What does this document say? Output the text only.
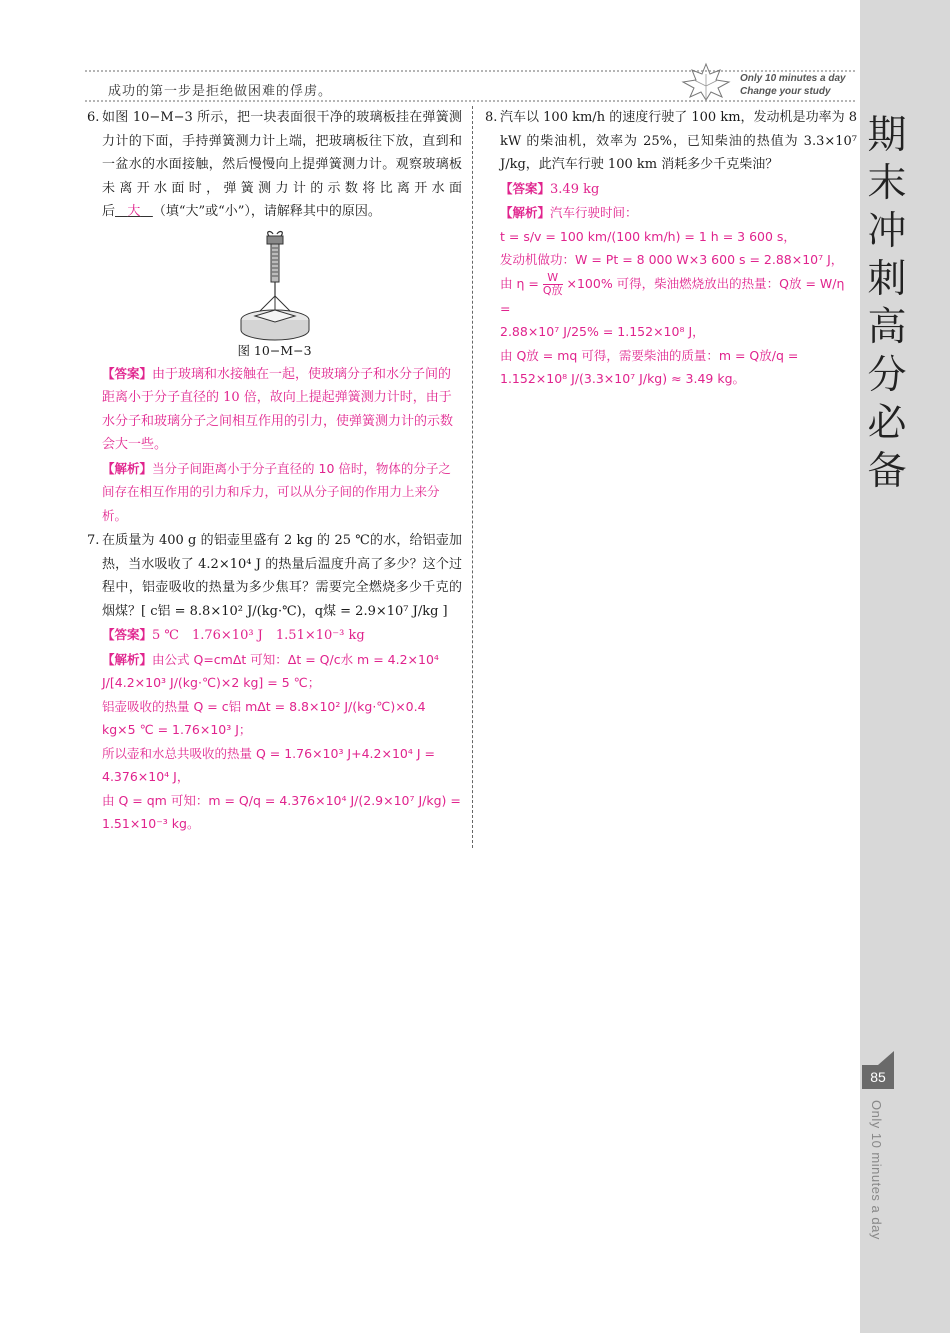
成功的第一步是拒绝做困难的俘虏。
Only 10 minutes a day
Change your study
期末冲刺高分必备
85
Only 10 minutes a day
6. 如图 10−M−3 所示，把一块表面很干净的玻璃板挂在弹簧测力计的下面，手持弹簧测力计上端，把玻璃板往下放，直到和一盆水的水面接触，然后慢慢向上提弹簧测力计。观察玻璃板未离开水面时，弹簧测力计的示数将比离开水面后 大 （填“大”或“小”），请解释其中的原因。
图 10−M−3
【答案】由于玻璃和水接触在一起，使玻璃分子和水分子间的距离小于分子直径的 10 倍，故向上提起弹簧测力计时，由于水分子和玻璃分子之间相互作用的引力，使弹簧测力计的示数会大一些。
【解析】当分子间距离小于分子直径的 10 倍时，物体的分子之间存在相互作用的引力和斥力，可以从分子间的作用力上来分析。
7. 在质量为 400 g 的铝壶里盛有 2 kg 的 25 ℃的水，给铝壶加热，当水吸收了 4.2×10⁴ J 的热量后温度升高了多少？这个过程中，铝壶吸收的热量为多少焦耳？需要完全燃烧多少千克的烟煤？[ c铝 = 8.8×10² J/(kg·℃)，q煤 = 2.9×10⁷ J/kg ]
【答案】5 ℃　1.76×10³ J　1.51×10⁻³ kg
【解析】由公式 Q=cmΔt 可知：Δt = Q/c水 m = 4.2×10⁴ J/[4.2×10³ J/(kg·℃)×2 kg] = 5 ℃；
铝壶吸收的热量 Q = c铝 mΔt = 8.8×10² J/(kg·℃)×0.4 kg×5 ℃ = 1.76×10³ J；
所以壶和水总共吸收的热量 Q = 1.76×10³ J+4.2×10⁴ J = 4.376×10⁴ J，
由 Q = qm 可知：m = Q/q = 4.376×10⁴ J/(2.9×10⁷ J/kg) = 1.51×10⁻³ kg。
8. 汽车以 100 km/h 的速度行驶了 100 km，发动机是功率为 8 kW 的柴油机，效率为 25%，已知柴油的热值为 3.3×10⁷ J/kg，此汽车行驶 100 km 消耗多少千克柴油？
【答案】3.49 kg
【解析】汽车行驶时间：
t = s/v = 100 km/(100 km/h) = 1 h = 3 600 s，
发动机做功：W = Pt = 8 000 W×3 600 s = 2.88×10⁷ J，
由 $\eta = \frac{W}{\text{Q放}} \times 100\%$ 可得，柴油燃烧放出的热量：Q放 = W/η =
2.88×10⁷ J/25% = 1.152×10⁸ J，
由 Q放 = mq 可得，需要柴油的质量：m = Q放/q = 1.152×10⁸ J/(3.3×10⁷ J/kg) ≈ 3.49 kg。
